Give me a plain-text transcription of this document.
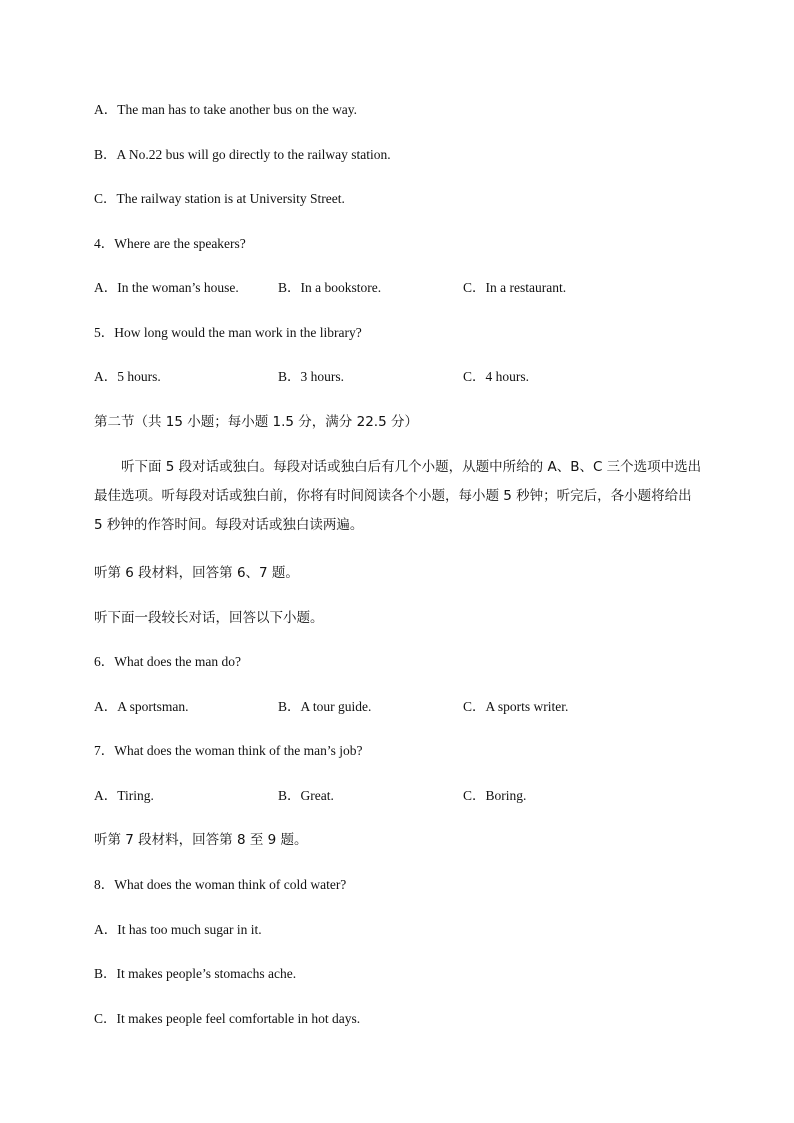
A．The man has to take another bus on the way.
B．A No.22 bus will go directly to the railway station.
C．The railway station is at University Street.
4．Where are the speakers?
A．In the woman’s house.	B．In a bookstore.	C．In a restaurant.
5．How long would the man work in the library?
A．5 hours.	B．3 hours.	C．4 hours.
第二节（共 15 小题；每小题 1.5 分，满分 22.5 分）
听下面 5 段对话或独白。每段对话或独白后有几个小题，从题中所给的 A、B、C 三个选项中选出最佳选项。听每段对话或独白前，你将有时间阅读各个小题，每小题 5 秒钟；听完后，各小题将给出 5 秒钟的作答时间。每段对话或独白读两遍。
听第 6 段材料，回答第 6、7 题。
听下面一段较长对话，回答以下小题。
6．What does the man do?
A．A sportsman.	B．A tour guide.	C．A sports writer.
7．What does the woman think of the man’s job?
A．Tiring.	B．Great.	C．Boring.
听第 7 段材料，回答第 8 至 9 题。
8．What does the woman think of cold water?
A．It has too much sugar in it.
B．It makes people’s stomachs ache.
C．It makes people feel comfortable in hot days.
